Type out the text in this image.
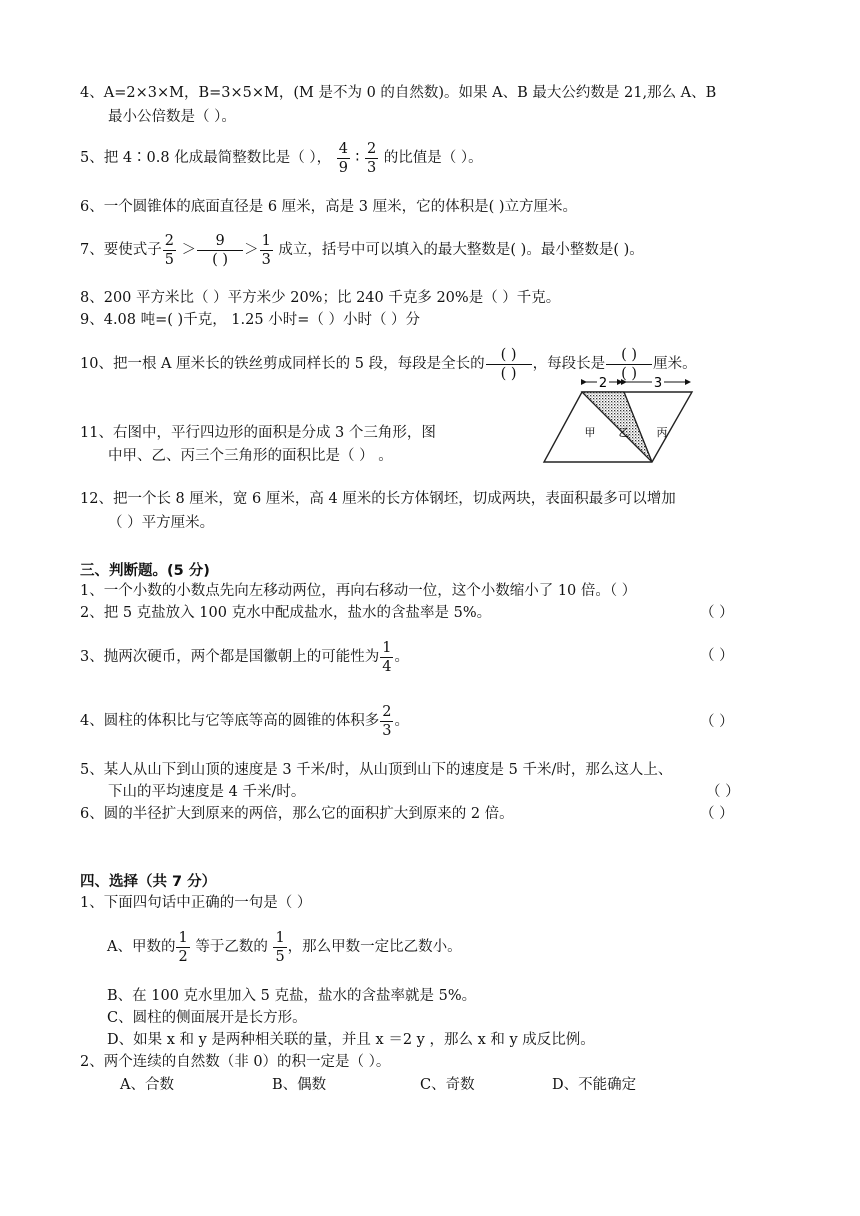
4、A=2×3×M，B=3×5×M，(M 是不为 0 的自然数)。如果 A、B 最大公约数是 21,那么 A、B
最小公倍数是（ ）。
5、把 4∶0.8 化成最简整数比是（ ）， $\frac{4}{9}$ ∶ $\frac{2}{3}$ 的比值是（ ）。
6、一个圆锥体的底面直径是 6 厘米，高是 3 厘米，它的体积是( )立方厘米。
7、要使式子 $\frac{2}{5}$ ＞
9
( )
＞ $\frac{1}{3}$ 成立，括号中可以填入的最大整数是( )。最小整数是( )。
8、200 平方米比（ ）平方米少 20%；比 240 千克多 20%是（ ）千克。
9、4.08 吨=( )千克， 1.25 小时=（ ）小时（ ）分
10、把一根 A 厘米长的铁丝剪成同样长的 5 段，每段是全长的
( )
( )
，每段长是
( )
( )
厘米。
11、右图中，平行四边形的面积是分成 3 个三角形，图
中甲、乙、丙三个三角形的面积比是（ ） 。
2	3
甲 乙 丙
12、把一个长 8 厘米，宽 6 厘米，高 4 厘米的长方体钢坯，切成两块，表面积最多可以增加
（ ）平方厘米。
三、判断题。(5 分)
1、一个小数的小数点先向左移动两位，再向右移动一位，这个小数缩小了 10 倍。（ ）
2、把 5 克盐放入 100 克水中配成盐水，盐水的含盐率是 5%。	（ ）
3、抛两次硬币，两个都是国徽朝上的可能性为 $\frac{1}{4}$ 。	（ ）
4、圆柱的体积比与它等底等高的圆锥的体积多 $\frac{2}{3}$ 。	（ ）
5、某人从山下到山顶的速度是 3 千米/时，从山顶到山下的速度是 5 千米/时，那么这人上、
下山的平均速度是 4 千米/时。	（ ）
6、圆的半径扩大到原来的两倍，那么它的面积扩大到原来的 2 倍。	（ ）
四、选择（共 7 分）
1、下面四句话中正确的一句是（ ）
A、甲数的 $\frac{1}{2}$ 等于乙数的 $\frac{1}{5}$ ，那么甲数一定比乙数小。
B、在 100 克水里加入 5 克盐，盐水的含盐率就是 5%。
C、圆柱的侧面展开是长方形。
D、如果 x 和 y 是两种相关联的量，并且 x ＝2 y ，那么 x 和 y 成反比例。
2、两个连续的自然数（非 0）的积一定是（ ）。
A、合数	B、偶数	C、奇数	D、不能确定
